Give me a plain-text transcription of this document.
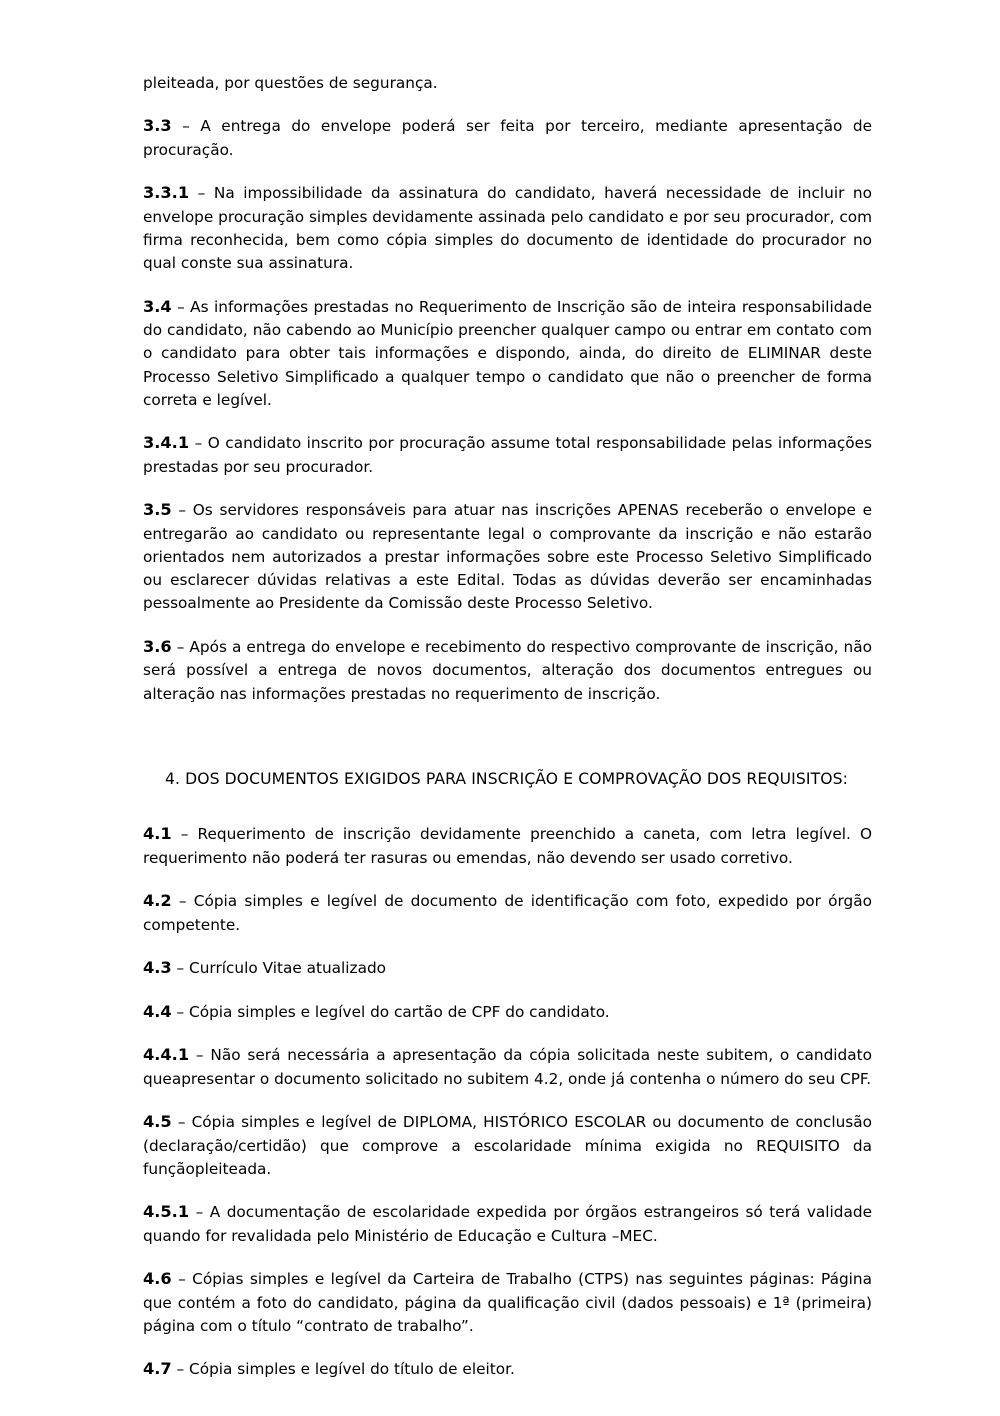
pleiteada, por questões de segurança.

3.3 – A entrega do envelope poderá ser feita por terceiro, mediante apresentação de procuração.

3.3.1 – Na impossibilidade da assinatura do candidato, haverá necessidade de incluir no envelope procuração simples devidamente assinada pelo candidato e por seu procurador, com firma reconhecida, bem como cópia simples do documento de identidade do procurador no qual conste sua assinatura.

3.4 – As informações prestadas no Requerimento de Inscrição são de inteira responsabilidade do candidato, não cabendo ao Município preencher qualquer campo ou entrar em contato com o candidato para obter tais informações e dispondo, ainda, do direito de ELIMINAR deste Processo Seletivo Simplificado a qualquer tempo o candidato que não o preencher de forma correta e legível.

3.4.1 – O candidato inscrito por procuração assume total responsabilidade pelas informações prestadas por seu procurador.

3.5 – Os servidores responsáveis para atuar nas inscrições APENAS receberão o envelope e entregarão ao candidato ou representante legal o comprovante da inscrição e não estarão orientados nem autorizados a prestar informações sobre este Processo Seletivo Simplificado ou esclarecer dúvidas relativas a este Edital. Todas as dúvidas deverão ser encaminhadas pessoalmente ao Presidente da Comissão deste Processo Seletivo.

3.6 – Após a entrega do envelope e recebimento do respectivo comprovante de inscrição, não será possível a entrega de novos documentos, alteração dos documentos entregues ou alteração nas informações prestadas no requerimento de inscrição.

4. DOS DOCUMENTOS EXIGIDOS PARA INSCRIÇÃO E COMPROVAÇÃO DOS REQUISITOS:

4.1 – Requerimento de inscrição devidamente preenchido a caneta, com letra legível. O requerimento não poderá ter rasuras ou emendas, não devendo ser usado corretivo.

4.2 – Cópia simples e legível de documento de identificação com foto, expedido por órgão competente.

4.3 – Currículo Vitae atualizado

4.4 – Cópia simples e legível do cartão de CPF do candidato.

4.4.1 – Não será necessária a apresentação da cópia solicitada neste subitem, o candidato queapresentar o documento solicitado no subitem 4.2, onde já contenha o número do seu CPF.

4.5 – Cópia simples e legível de DIPLOMA, HISTÓRICO ESCOLAR ou documento de conclusão (declaração/certidão) que comprove a escolaridade mínima exigida no REQUISITO da funçãopleiteada.

4.5.1 – A documentação de escolaridade expedida por órgãos estrangeiros só terá validade quando for revalidada pelo Ministério de Educação e Cultura –MEC.

4.6 – Cópias simples e legível da Carteira de Trabalho (CTPS) nas seguintes páginas: Página que contém a foto do candidato, página da qualificação civil (dados pessoais) e 1ª (primeira) página com o título “contrato de trabalho”.

4.7 – Cópia simples e legível do título de eleitor.
